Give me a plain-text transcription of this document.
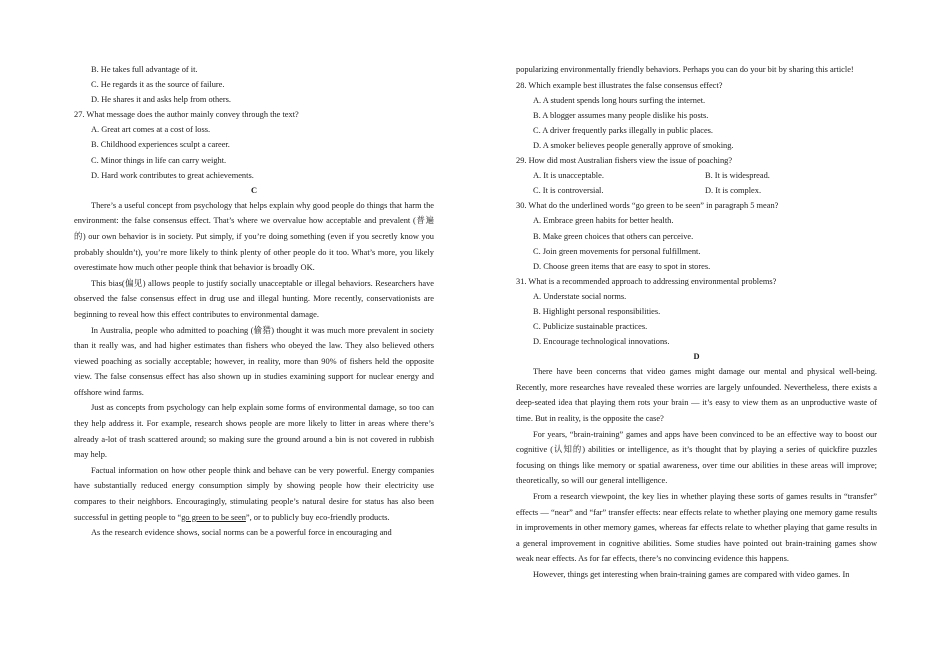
B. He takes full advantage of it.
C. He regards it as the source of failure.
D. He shares it and asks help from others.
27. What message does the author mainly convey through the text?
A. Great art comes at a cost of loss.
B. Childhood experiences sculpt a career.
C. Minor things in life can carry weight.
D. Hard work contributes to great achievements.
C

There’s a useful concept from psychology that helps explain why good people do things that harm the environment: the false consensus effect. That’s where we overvalue how acceptable and prevalent (普遍的) our own behavior is in society. Put simply, if you’re doing something (even if you secretly know you probably shouldn’t), you’re more likely to think plenty of other people do it too. What’s more, you likely overestimate how much other people think that behavior is broadly OK.

This bias(偏见) allows people to justify socially unacceptable or illegal behaviors. Researchers have observed the false consensus effect in drug use and illegal hunting. More recently, conservationists are beginning to reveal how this effect contributes to environmental damage.

In Australia, people who admitted to poaching (偷猎) thought it was much more prevalent in society than it really was, and had higher estimates than fishers who obeyed the law. They also believed others viewed poaching as socially acceptable; however, in reality, more than 90% of fishers held the opposite view. The false consensus effect has also shown up in studies examining support for nuclear energy and offshore wind farms.

Just as concepts from psychology can help explain some forms of environmental damage, so too can they help address it. For example, research shows people are more likely to litter in areas where there’s already a-lot of trash scattered around; so making sure the ground around a bin is not covered in rubbish may help.

Factual information on how other people think and behave can be very powerful. Energy companies have substantially reduced energy consumption simply by showing people how their electricity use compares to their neighbors. Encouragingly, stimulating people’s natural desire for status has also been successful in getting people to “go green to be seen”, or to publicly buy eco-friendly products.

As the research evidence shows, social norms can be a powerful force in encouraging and

popularizing environmentally friendly behaviors. Perhaps you can do your bit by sharing this article!

28. Which example best illustrates the false consensus effect?
A. A student spends long hours surfing the internet.
B. A blogger assumes many people dislike his posts.
C. A driver frequently parks illegally in public places.
D. A smoker believes people generally approve of smoking.
29. How did most Australian fishers view the issue of poaching?
A. It is unacceptable.	B. It is widespread.
C. It is controversial.	D. It is complex.
30. What do the underlined words “go green to be seen” in paragraph 5 mean?
A. Embrace green habits for better health.
B. Make green choices that others can perceive.
C. Join green movements for personal fulfillment.
D. Choose green items that are easy to spot in stores.
31. What is a recommended approach to addressing environmental problems?
A. Understate social norms.
B. Highlight personal responsibilities.
C. Publicize sustainable practices.
D. Encourage technological innovations.
D

There have been concerns that video games might damage our mental and physical well-being. Recently, more researches have revealed these worries are largely unfounded. Nevertheless, there exists a deep-seated idea that playing them rots your brain — it’s easy to view them as an unproductive waste of time. But in reality, is the opposite the case?

For years, “brain-training” games and apps have been convinced to be an effective way to boost our cognitive (认知的) abilities or intelligence, as it’s thought that by playing a series of quickfire puzzles focusing on things like memory or spatial awareness, over time our abilities in these areas will improve; theoretically, so will our general intelligence.

From a research viewpoint, the key lies in whether playing these sorts of games results in “transfer” effects — “near” and “far” transfer effects: near effects relate to whether playing one memory game results in improvements in other memory games, whereas far effects relate to whether playing that game results in a general improvement in cognitive abilities. Some studies have pointed out brain-training games show weak near effects. As for far effects, there’s no convincing evidence this happens.

However, things get interesting when brain-training games are compared with video games. In
